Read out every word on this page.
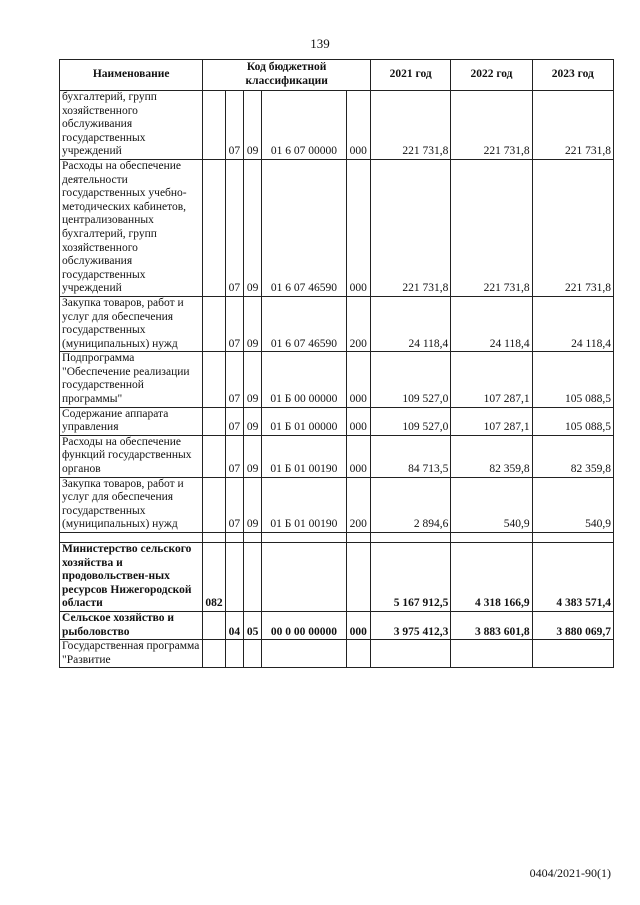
139
Наименование	Код бюджетной классификации					2021 год	2022 год	2023 год
бухгалтерий, групп хозяйственного обслуживания государственных учреждений		07	09	01 6 07 00000	000	221 731,8	221 731,8	221 731,8
Расходы на обеспечение деятельности государственных учебно-методических кабинетов, централизованных бухгалтерий, групп хозяйственного обслуживания государственных учреждений		07	09	01 6 07 46590	000	221 731,8	221 731,8	221 731,8
Закупка товаров, работ и услуг для обеспечения государственных (муниципальных) нужд		07	09	01 6 07 46590	200	24 118,4	24 118,4	24 118,4
Подпрограмма "Обеспечение реализации государственной программы"		07	09	01 Б 00 00000	000	109 527,0	107 287,1	105 088,5
Содержание аппарата управления		07	09	01 Б 01 00000	000	109 527,0	107 287,1	105 088,5
Расходы на обеспечение функций государственных органов		07	09	01 Б 01 00190	000	84 713,5	82 359,8	82 359,8
Закупка товаров, работ и услуг для обеспечения государственных (муниципальных) нужд		07	09	01 Б 01 00190	200	2 894,6	540,9	540,9

Министерство сельского хозяйства и продовольствен-ных ресурсов Нижегородской области	082					5 167 912,5	4 318 166,9	4 383 571,4
Сельское хозяйство и рыболовство		04	05	00 0 00 00000	000	3 975 412,3	3 883 601,8	3 880 069,7
Государственная программа "Развитие								
0404/2021-90(1)
